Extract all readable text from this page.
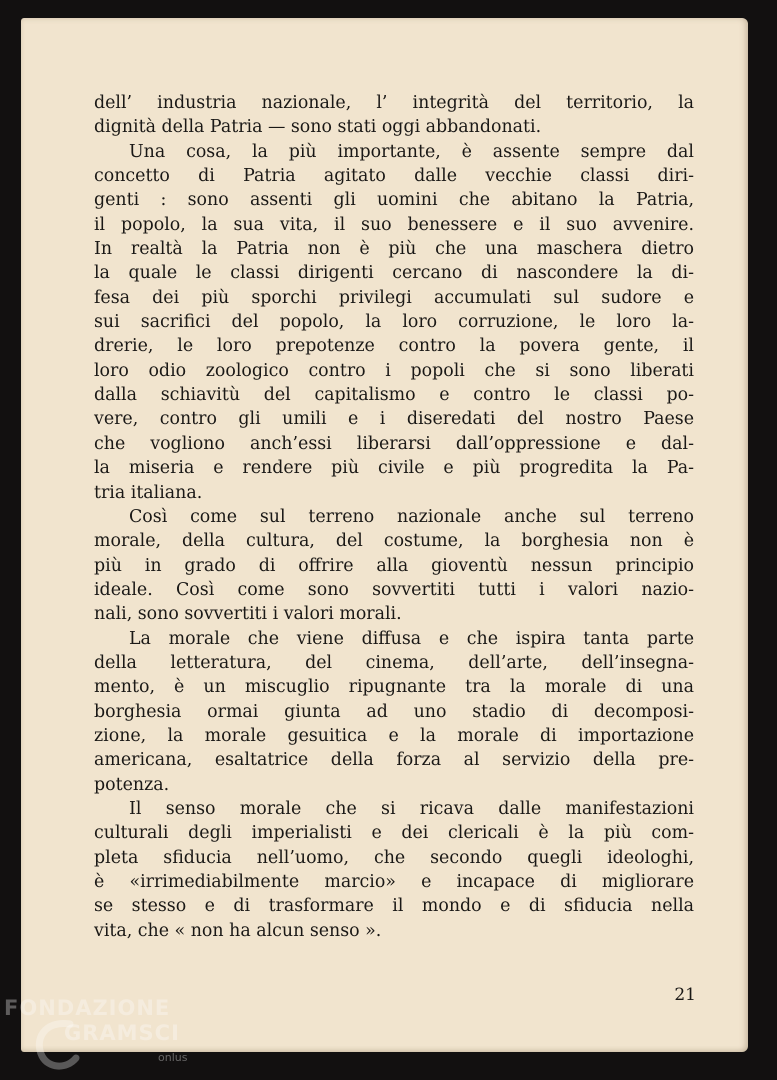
dell’ industria nazionale, l’ integrità del territorio, la
dignità della Patria — sono stati oggi abbandonati.
Una cosa, la più importante, è assente sempre dal
concetto di Patria agitato dalle vecchie classi diri-
genti : sono assenti gli uomini che abitano la Patria,
il popolo, la sua vita, il suo benessere e il suo avvenire.
In realtà la Patria non è più che una maschera dietro
la quale le classi dirigenti cercano di nascondere la di-
fesa dei più sporchi privilegi accumulati sul sudore e
sui sacrifici del popolo, la loro corruzione, le loro la-
drerie, le loro prepotenze contro la povera gente, il
loro odio zoologico contro i popoli che si sono liberati
dalla schiavitù del capitalismo e contro le classi po-
vere, contro gli umili e i diseredati del nostro Paese
che vogliono anch’essi liberarsi dall’oppressione e dal-
la miseria e rendere più civile e più progredita la Pa-
tria italiana.
Così come sul terreno nazionale anche sul terreno
morale, della cultura, del costume, la borghesia non è
più in grado di offrire alla gioventù nessun principio
ideale. Così come sono sovvertiti tutti i valori nazio-
nali, sono sovvertiti i valori morali.
La morale che viene diffusa e che ispira tanta parte
della letteratura, del cinema, dell’arte, dell’insegna-
mento, è un miscuglio ripugnante tra la morale di una
borghesia ormai giunta ad uno stadio di decomposi-
zione, la morale gesuitica e la morale di importazione
americana, esaltatrice della forza al servizio della pre-
potenza.
Il senso morale che si ricava dalle manifestazioni
culturali degli imperialisti e dei clericali è la più com-
pleta sfiducia nell’uomo, che secondo quegli ideologhi,
è «irrimediabilmente marcio» e incapace di migliorare
se stesso e di trasformare il mondo e di sfiducia nella
vita, che « non ha alcun senso ».
21
FONDAZIONE
GRAMSCI
onlus
